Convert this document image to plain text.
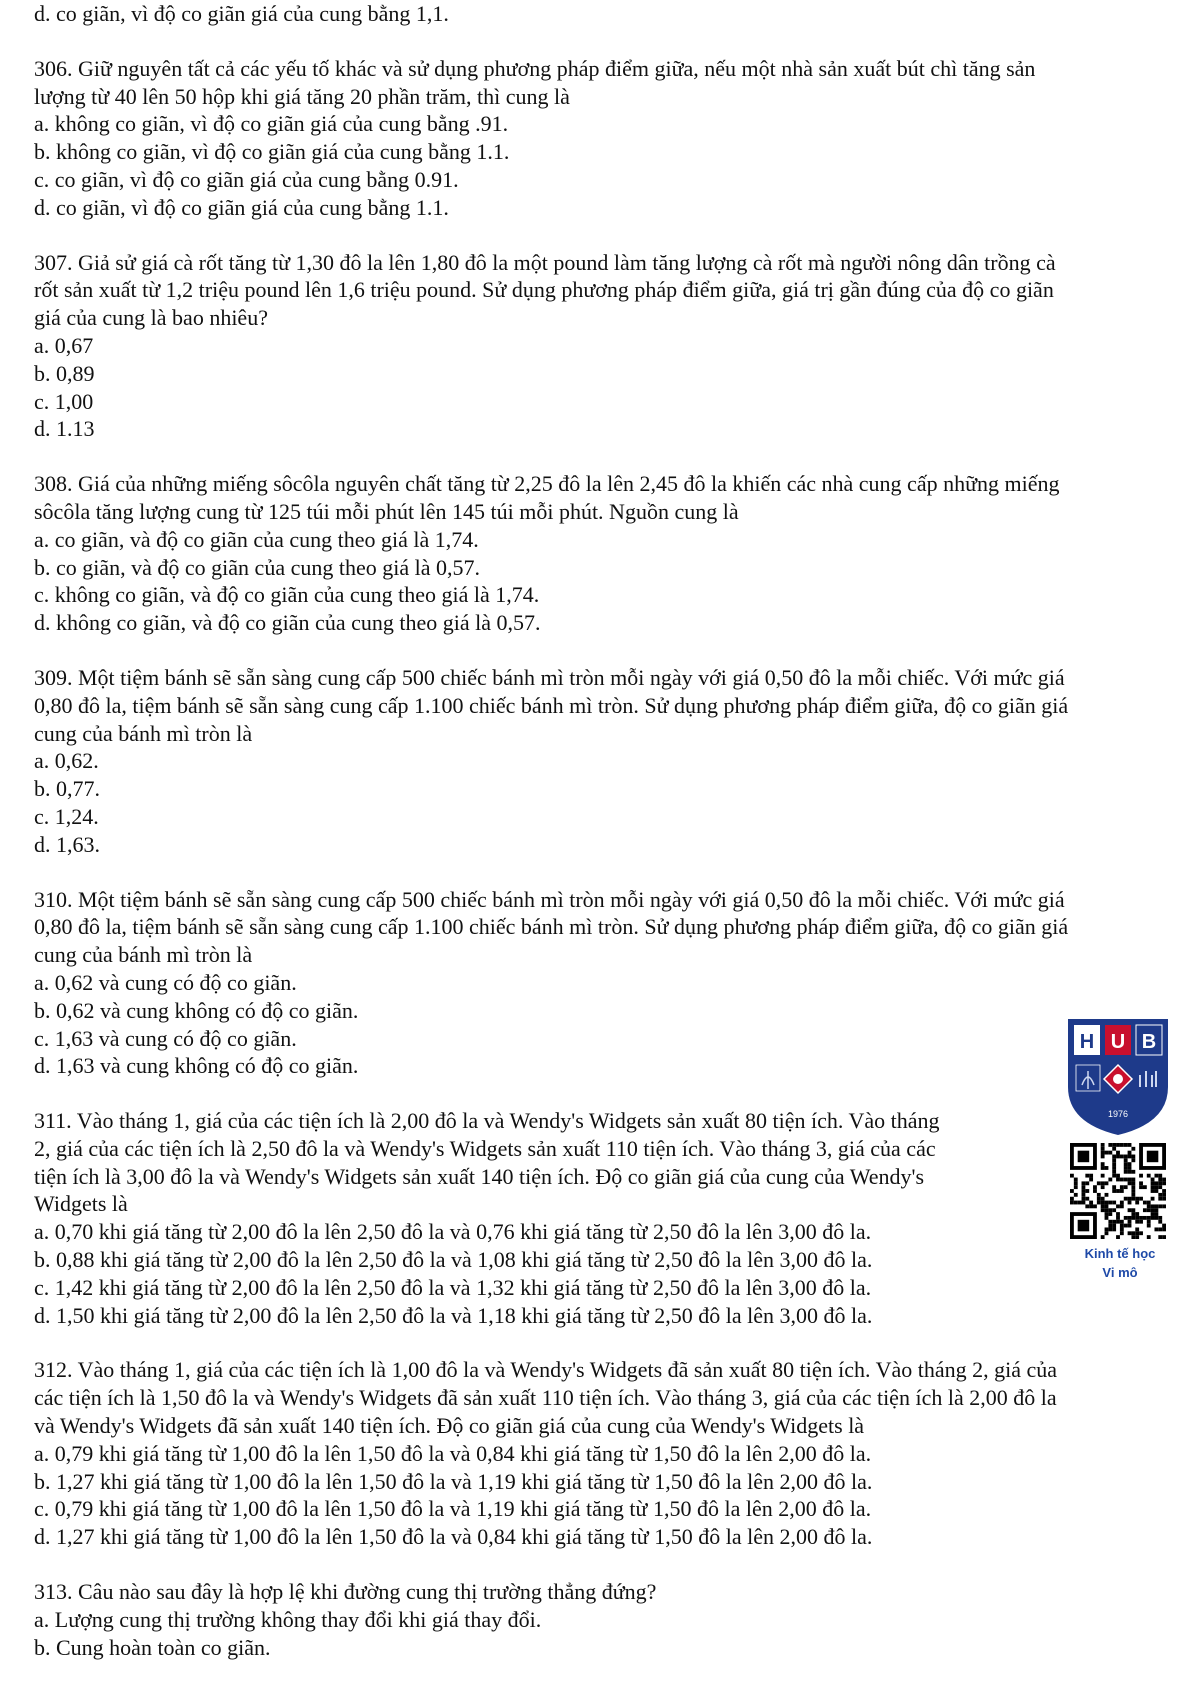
d. co giãn, vì độ co giãn giá của cung bằng 1,1.

306. Giữ nguyên tất cả các yếu tố khác và sử dụng phương pháp điểm giữa, nếu một nhà sản xuất bút chì tăng sản

lượng từ 40 lên 50 hộp khi giá tăng 20 phần trăm, thì cung là

a. không co giãn, vì độ co giãn giá của cung bằng .91.

b. không co giãn, vì độ co giãn giá của cung bằng 1.1.

c. co giãn, vì độ co giãn giá của cung bằng 0.91.

d. co giãn, vì độ co giãn giá của cung bằng 1.1.

307. Giả sử giá cà rốt tăng từ 1,30 đô la lên 1,80 đô la một pound làm tăng lượng cà rốt mà người nông dân trồng cà

rốt sản xuất từ 1,2 triệu pound lên 1,6 triệu pound. Sử dụng phương pháp điểm giữa, giá trị gần đúng của độ co giãn

giá của cung là bao nhiêu?

a. 0,67

b. 0,89

c. 1,00

d. 1.13

308. Giá của những miếng sôcôla nguyên chất tăng từ 2,25 đô la lên 2,45 đô la khiến các nhà cung cấp những miếng

sôcôla tăng lượng cung từ 125 túi mỗi phút lên 145 túi mỗi phút. Nguồn cung là

a. co giãn, và độ co giãn của cung theo giá là 1,74.

b. co giãn, và độ co giãn của cung theo giá là 0,57.

c. không co giãn, và độ co giãn của cung theo giá là 1,74.

d. không co giãn, và độ co giãn của cung theo giá là 0,57.

309. Một tiệm bánh sẽ sẵn sàng cung cấp 500 chiếc bánh mì tròn mỗi ngày với giá 0,50 đô la mỗi chiếc. Với mức giá

0,80 đô la, tiệm bánh sẽ sẵn sàng cung cấp 1.100 chiếc bánh mì tròn. Sử dụng phương pháp điểm giữa, độ co giãn giá

cung của bánh mì tròn là

a. 0,62.

b. 0,77.

c. 1,24.

d. 1,63.

310. Một tiệm bánh sẽ sẵn sàng cung cấp 500 chiếc bánh mì tròn mỗi ngày với giá 0,50 đô la mỗi chiếc. Với mức giá

0,80 đô la, tiệm bánh sẽ sẵn sàng cung cấp 1.100 chiếc bánh mì tròn. Sử dụng phương pháp điểm giữa, độ co giãn giá

cung của bánh mì tròn là

a. 0,62 và cung có độ co giãn.

b. 0,62 và cung không có độ co giãn.

c. 1,63 và cung có độ co giãn.

d. 1,63 và cung không có độ co giãn.

311. Vào tháng 1, giá của các tiện ích là 2,00 đô la và Wendy's Widgets sản xuất 80 tiện ích. Vào tháng

2, giá của các tiện ích là 2,50 đô la và Wendy's Widgets sản xuất 110 tiện ích. Vào tháng 3, giá của các

tiện ích là 3,00 đô la và Wendy's Widgets sản xuất 140 tiện ích. Độ co giãn giá của cung của Wendy's

Widgets là

a. 0,70 khi giá tăng từ 2,00 đô la lên 2,50 đô la và 0,76 khi giá tăng từ 2,50 đô la lên 3,00 đô la.

b. 0,88 khi giá tăng từ 2,00 đô la lên 2,50 đô la và 1,08 khi giá tăng từ 2,50 đô la lên 3,00 đô la.

c. 1,42 khi giá tăng từ 2,00 đô la lên 2,50 đô la và 1,32 khi giá tăng từ 2,50 đô la lên 3,00 đô la.

d. 1,50 khi giá tăng từ 2,00 đô la lên 2,50 đô la và 1,18 khi giá tăng từ 2,50 đô la lên 3,00 đô la.

312. Vào tháng 1, giá của các tiện ích là 1,00 đô la và Wendy's Widgets đã sản xuất 80 tiện ích. Vào tháng 2, giá của

các tiện ích là 1,50 đô la và Wendy's Widgets đã sản xuất 110 tiện ích. Vào tháng 3, giá của các tiện ích là 2,00 đô la

và Wendy's Widgets đã sản xuất 140 tiện ích. Độ co giãn giá của cung của Wendy's Widgets là

a. 0,79 khi giá tăng từ 1,00 đô la lên 1,50 đô la và 0,84 khi giá tăng từ 1,50 đô la lên 2,00 đô la.

b. 1,27 khi giá tăng từ 1,00 đô la lên 1,50 đô la và 1,19 khi giá tăng từ 1,50 đô la lên 2,00 đô la.

c. 0,79 khi giá tăng từ 1,00 đô la lên 1,50 đô la và 1,19 khi giá tăng từ 1,50 đô la lên 2,00 đô la.

d. 1,27 khi giá tăng từ 1,00 đô la lên 1,50 đô la và 0,84 khi giá tăng từ 1,50 đô la lên 2,00 đô la.

313. Câu nào sau đây là hợp lệ khi đường cung thị trường thẳng đứng?

a. Lượng cung thị trường không thay đổi khi giá thay đổi.

b. Cung hoàn toàn co giãn.

H U B
1976
Kinh tế học
Vi mô
